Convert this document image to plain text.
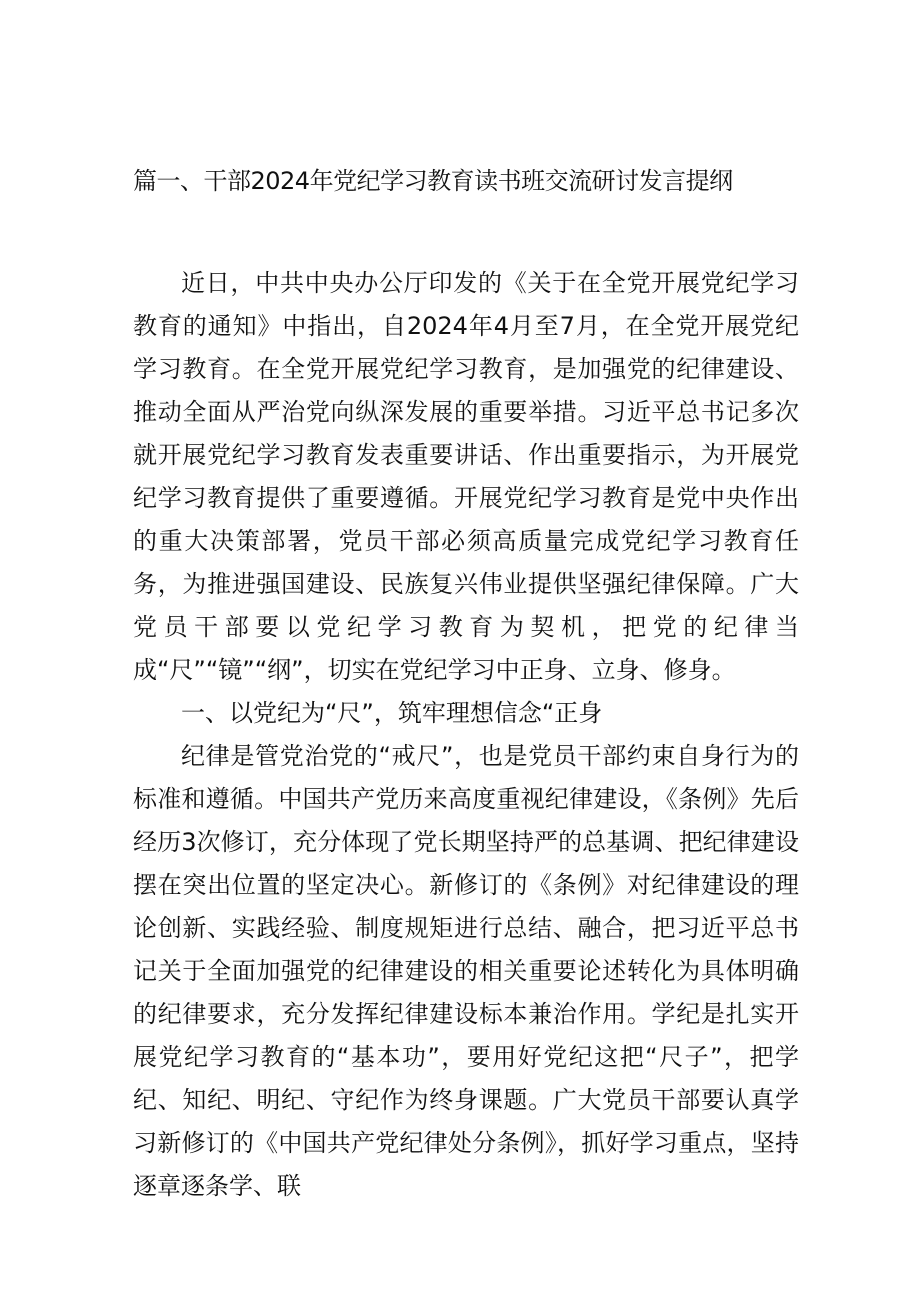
篇一、干部2024年党纪学习教育读书班交流研讨发言提纲

近日，中共中央办公厅印发的《关于在全党开展党纪学习教育的通知》中指出，自2024年4月至7月，在全党开展党纪学习教育。在全党开展党纪学习教育，是加强党的纪律建设、推动全面从严治党向纵深发展的重要举措。习近平总书记多次就开展党纪学习教育发表重要讲话、作出重要指示，为开展党纪学习教育提供了重要遵循。开展党纪学习教育是党中央作出的重大决策部署，党员干部必须高质量完成党纪学习教育任务，为推进强国建设、民族复兴伟业提供坚强纪律保障。广大党员干部要以党纪学习教育为契机，把党的纪律当成“尺”“镜”“纲”，切实在党纪学习中正身、立身、修身。

一、以党纪为“尺”，筑牢理想信念“正身

纪律是管党治党的“戒尺”，也是党员干部约束自身行为的标准和遵循。中国共产党历来高度重视纪律建设，《条例》先后经历3次修订，充分体现了党长期坚持严的总基调、把纪律建设摆在突出位置的坚定决心。新修订的《条例》对纪律建设的理论创新、实践经验、制度规矩进行总结、融合，把习近平总书记关于全面加强党的纪律建设的相关重要论述转化为具体明确的纪律要求，充分发挥纪律建设标本兼治作用。学纪是扎实开展党纪学习教育的“基本功”，要用好党纪这把“尺子”，把学纪、知纪、明纪、守纪作为终身课题。广大党员干部要认真学习新修订的《中国共产党纪律处分条例》，抓好学习重点，坚持逐章逐条学、联
